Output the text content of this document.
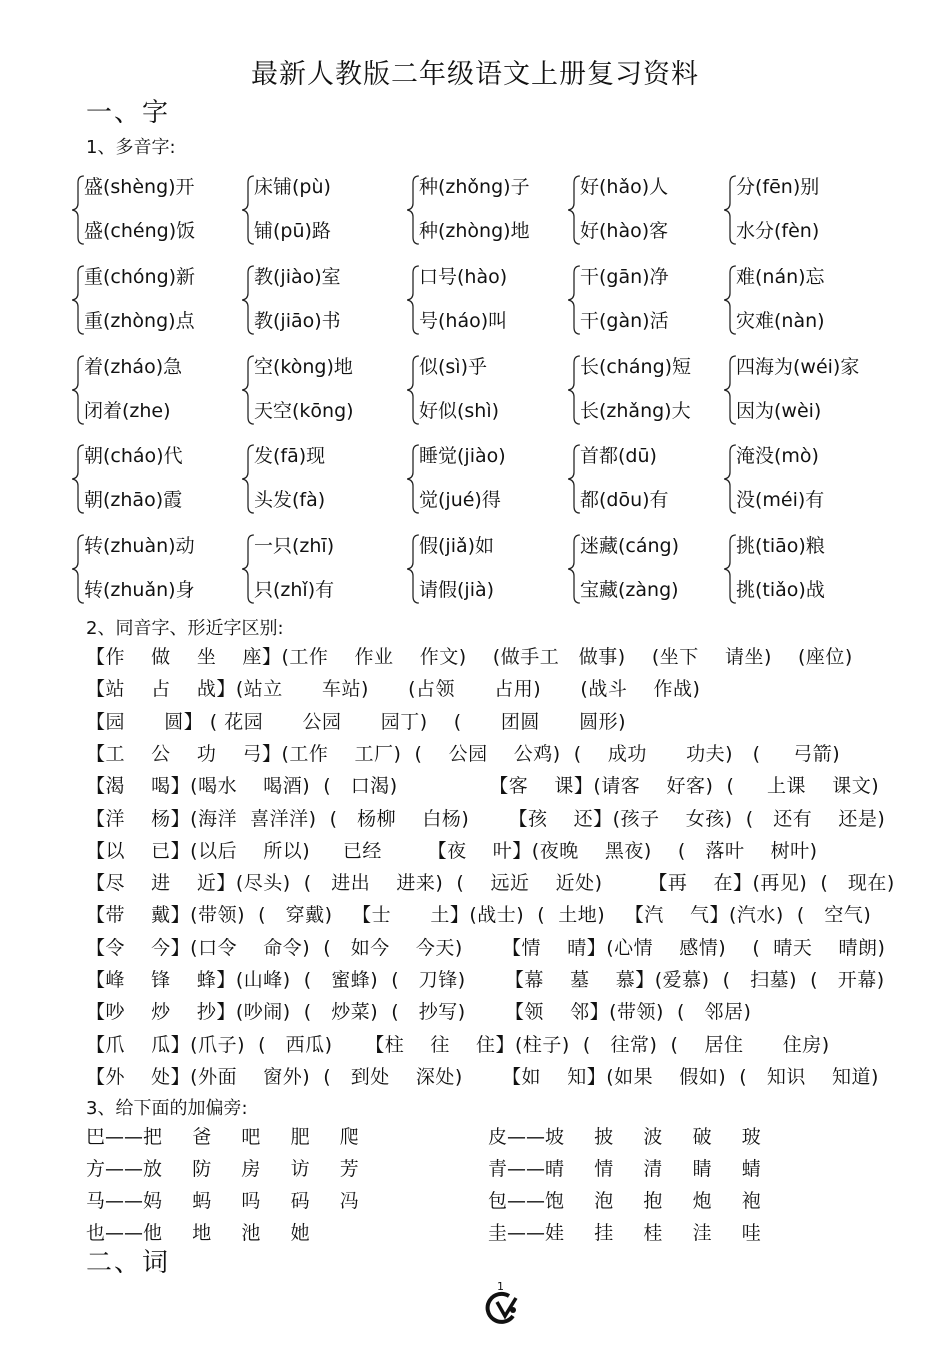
最新人教版二年级语文上册复习资料
一、字
1、多音字:
盛(shèng)开
盛(chéng)饭
床铺(pù)
铺(pū)路
种(zhǒng)子
种(zhòng)地
好(hǎo)人
好(hào)客
分(fēn)别
水分(fèn)
重(chóng)新
重(zhòng)点
教(jiào)室
教(jiāo)书
口号(hào)
号(háo)叫
干(gān)净
干(gàn)活
难(nán)忘
灾难(nàn)
着(zháo)急
闭着(zhe)
空(kòng)地
天空(kōng)
似(sì)乎
好似(shì)
长(cháng)短
长(zhǎng)大
四海为(wéi)家
因为(wèi)
朝(cháo)代
朝(zhāo)霞
发(fā)现
头发(fà)
睡觉(jiào)
觉(jué)得
首都(dū)
都(dōu)有
淹没(mò)
没(méi)有
转(zhuàn)动
转(zhuǎn)身
一只(zhī)
只(zhǐ)有
假(jiǎ)如
请假(jià)
迷藏(cáng)
宝藏(zàng)
挑(tiāo)粮
挑(tiǎo)战
2、同音字、形近字区别:
【作    做    坐    座】(工作    作业    作文)    (做手工   做事)    (坐下    请坐)    (座位)
【站    占    战】(站立      车站)      (占领      占用)      (战斗    作战)
【园      圆】 ( 花园      公园      园丁)    (      团圆      圆形)
【工    公    功    弓】(工作    工厂)  (    公园    公鸡)  (    成功      功夫)   (     弓箭)
【渴    喝】(喝水    喝酒)  (   口渴)              【客    课】(请客    好客)  (     上课    课文)
【洋    杨】(海洋  喜洋洋)  (   杨柳    白杨)      【孩    还】(孩子    女孩)  (   还有    还是)
【以    已】(以后    所以)     已经       【夜    叶】(夜晚    黑夜)    (   落叶    树叶)
【尽    进    近】(尽头)  (   进出    进来)  (    远近    近处)       【再    在】(再见)  (   现在)
【带    戴】(带领)  (   穿戴)   【士      土】(战士)  (  土地)   【汽    气】(汽水)  (   空气)
【令    今】(口令    命令)  (   如今    今天)      【情    晴】(心情    感情)    (  晴天    晴朗)
【峰    锋    蜂】(山峰)  (   蜜蜂)  (   刀锋)      【幕    墓    慕】(爱慕)  (   扫墓)  (   开幕)
【吵    炒    抄】(吵闹)  (   炒菜)  (   抄写)      【领    邻】(带领)  (   邻居)
【爪    瓜】(爪子)  (   西瓜)     【柱    往    住】(柱子)  (   往常)  (    居住      住房)
【外    处】(外面    窗外)  (   到处    深处)      【如    知】(如果    假如)  (   知识    知道)
3、给下面的加偏旁:
巴——把     爸     吧     肥     爬
方——放     防     房     访     芳
马——妈     蚂     吗     码     冯
也——他     地     池     她
皮——坡     披     波     破     玻
青——晴     情     清     睛     蜻
包——饱     泡     抱     炮     袍
圭——娃     挂     桂     洼     哇
二、词
1
